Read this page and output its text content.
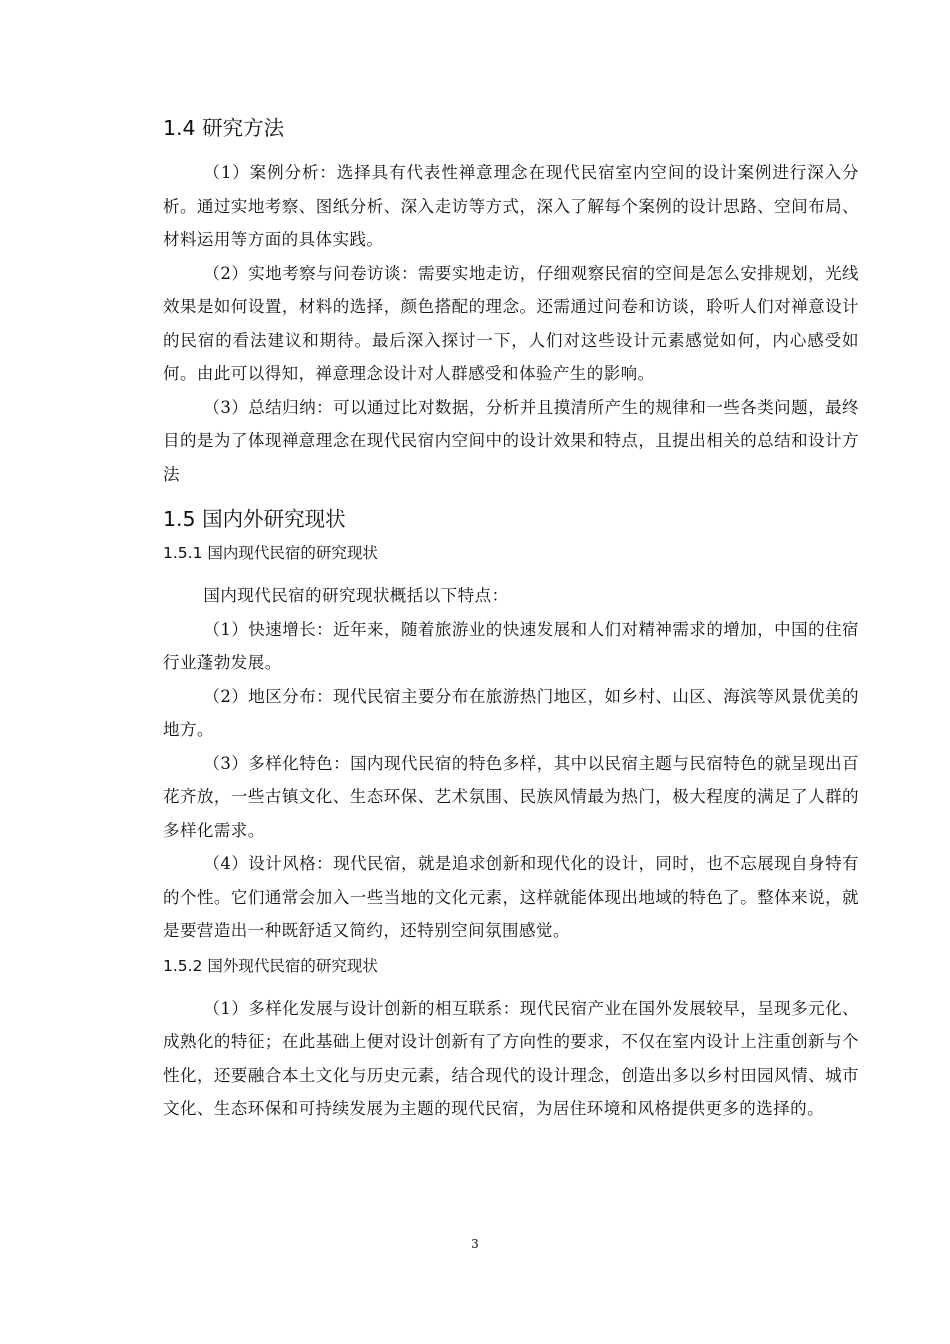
1.4 研究方法

（1）案例分析：选择具有代表性禅意理念在现代民宿室内空间的设计案例进行深入分析。通过实地考察、图纸分析、深入走访等方式，深入了解每个案例的设计思路、空间布局、材料运用等方面的具体实践。

（2）实地考察与问卷访谈：需要实地走访，仔细观察民宿的空间是怎么安排规划，光线效果是如何设置，材料的选择，颜色搭配的理念。还需通过问卷和访谈，聆听人们对禅意设计的民宿的看法建议和期待。最后深入探讨一下，人们对这些设计元素感觉如何，内心感受如何。由此可以得知，禅意理念设计对人群感受和体验产生的影响。

（3）总结归纳：可以通过比对数据，分析并且摸清所产生的规律和一些各类问题，最终目的是为了体现禅意理念在现代民宿内空间中的设计效果和特点，且提出相关的总结和设计方法

1.5 国内外研究现状
1.5.1 国内现代民宿的研究现状

国内现代民宿的研究现状概括以下特点：

（1）快速增长：近年来，随着旅游业的快速发展和人们对精神需求的增加，中国的住宿行业蓬勃发展。

（2）地区分布：现代民宿主要分布在旅游热门地区，如乡村、山区、海滨等风景优美的地方。

（3）多样化特色：国内现代民宿的特色多样，其中以民宿主题与民宿特色的就呈现出百花齐放，一些古镇文化、生态环保、艺术氛围、民族风情最为热门，极大程度的满足了人群的多样化需求。

（4）设计风格：现代民宿，就是追求创新和现代化的设计，同时，也不忘展现自身特有的个性。它们通常会加入一些当地的文化元素，这样就能体现出地域的特色了。整体来说，就是要营造出一种既舒适又简约，还特别空间氛围感觉。

1.5.2 国外现代民宿的研究现状

（1）多样化发展与设计创新的相互联系：现代民宿产业在国外发展较早，呈现多元化、成熟化的特征；在此基础上便对设计创新有了方向性的要求，不仅在室内设计上注重创新与个性化，还要融合本土文化与历史元素，结合现代的设计理念，创造出多以乡村田园风情、城市文化、生态环保和可持续发展为主题的现代民宿，为居住环境和风格提供更多的选择的。

3
